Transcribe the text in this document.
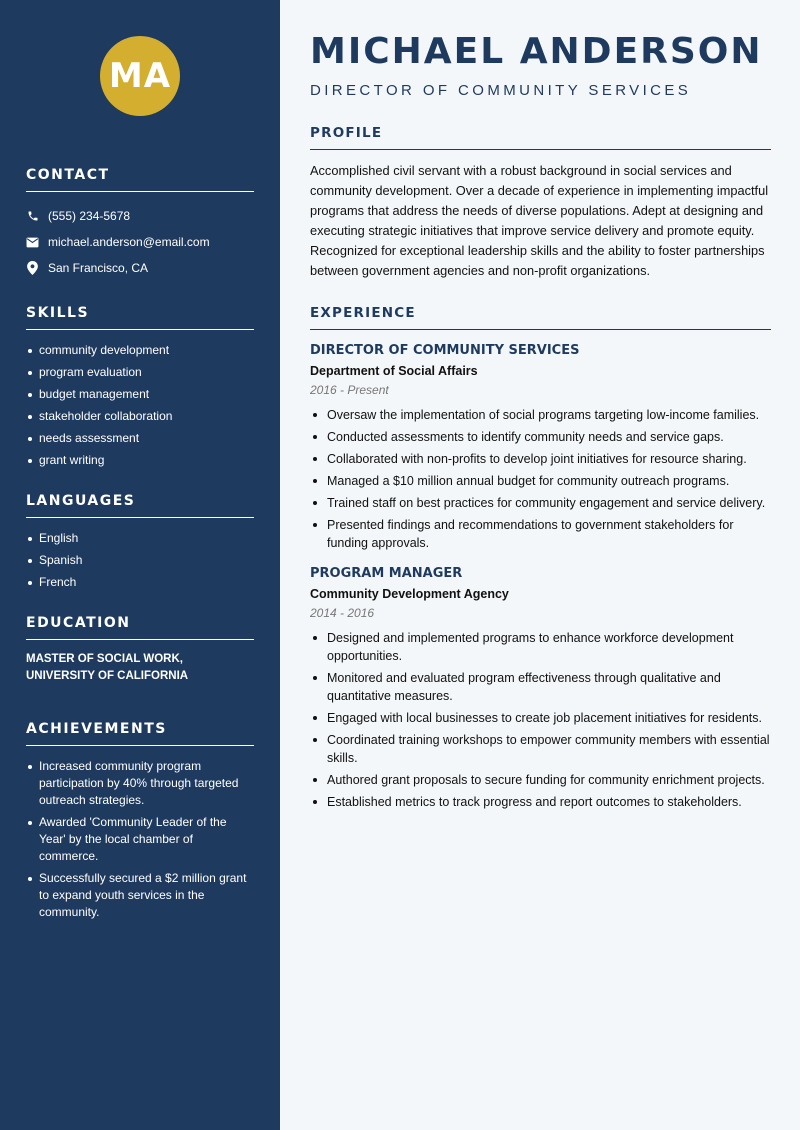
MA
CONTACT
(555) 234-5678
michael.anderson@email.com
San Francisco, CA
SKILLS
community development
program evaluation
budget management
stakeholder collaboration
needs assessment
grant writing
LANGUAGES
English
Spanish
French
EDUCATION
MASTER OF SOCIAL WORK, UNIVERSITY OF CALIFORNIA
ACHIEVEMENTS
Increased community program participation by 40% through targeted outreach strategies.
Awarded 'Community Leader of the Year' by the local chamber of commerce.
Successfully secured a $2 million grant to expand youth services in the community.
MICHAEL ANDERSON
DIRECTOR OF COMMUNITY SERVICES
PROFILE

Accomplished civil servant with a robust background in social services and community development. Over a decade of experience in implementing impactful programs that address the needs of diverse populations. Adept at designing and executing strategic initiatives that improve service delivery and promote equity. Recognized for exceptional leadership skills and the ability to foster partnerships between government agencies and non-profit organizations.

EXPERIENCE
DIRECTOR OF COMMUNITY SERVICES
Department of Social Affairs
2016 - Present
Oversaw the implementation of social programs targeting low-income families.
Conducted assessments to identify community needs and service gaps.
Collaborated with non-profits to develop joint initiatives for resource sharing.
Managed a $10 million annual budget for community outreach programs.
Trained staff on best practices for community engagement and service delivery.
Presented findings and recommendations to government stakeholders for funding approvals.
PROGRAM MANAGER
Community Development Agency
2014 - 2016
Designed and implemented programs to enhance workforce development opportunities.
Monitored and evaluated program effectiveness through qualitative and quantitative measures.
Engaged with local businesses to create job placement initiatives for residents.
Coordinated training workshops to empower community members with essential skills.
Authored grant proposals to secure funding for community enrichment projects.
Established metrics to track progress and report outcomes to stakeholders.
